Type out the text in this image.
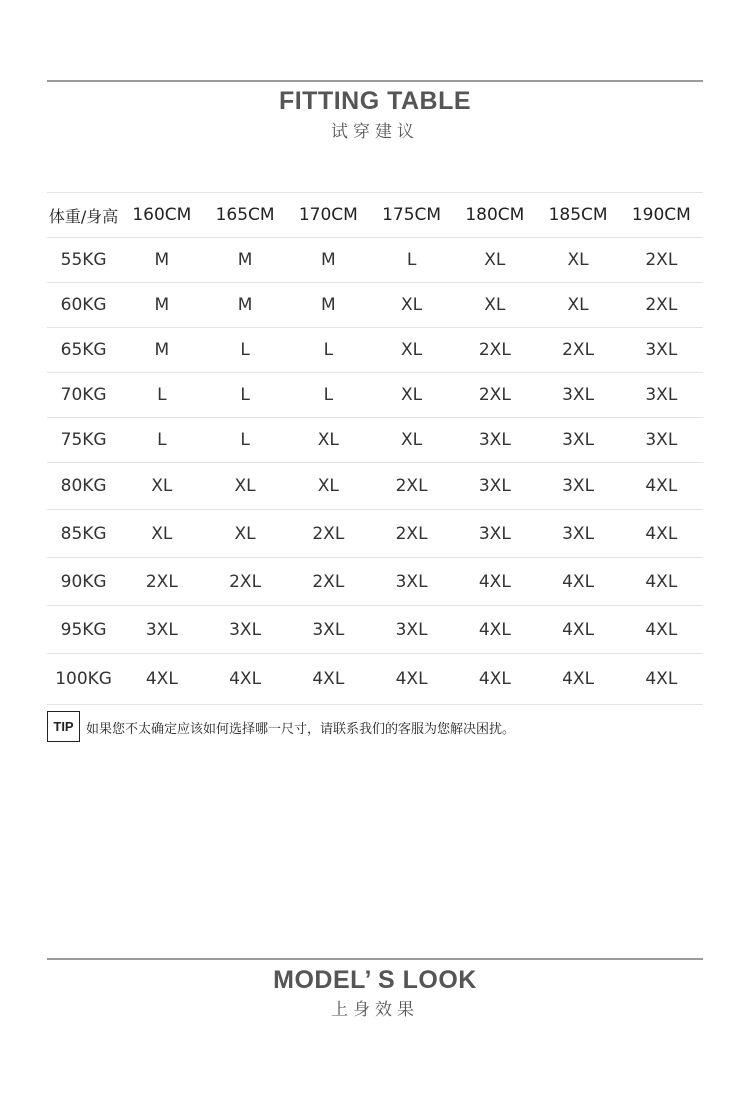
FITTING TABLE
试穿建议
体重/身高 160CM	165CM	170CM	175CM	180CM	185CM	190CM
55KG	M	M	M	L	XL	XL	2XL
60KG	M	M	M	XL	XL	XL	2XL
65KG	M	L	L	XL	2XL	2XL	3XL
70KG	L	L	L	XL	2XL	3XL	3XL
75KG	L	L	XL	XL	3XL	3XL	3XL
80KG	XL	XL	XL	2XL	3XL	3XL	4XL
85KG	XL	XL	2XL	2XL	3XL	3XL	4XL
90KG	2XL	2XL	2XL	3XL	4XL	4XL	4XL
95KG	3XL	3XL	3XL	3XL	4XL	4XL	4XL
100KG	4XL	4XL	4XL	4XL	4XL	4XL	4XL
TIP 如果您不太确定应该如何选择哪一尺寸，请联系我们的客服为您解决困扰。
MODEL’ S LOOK
上身效果
